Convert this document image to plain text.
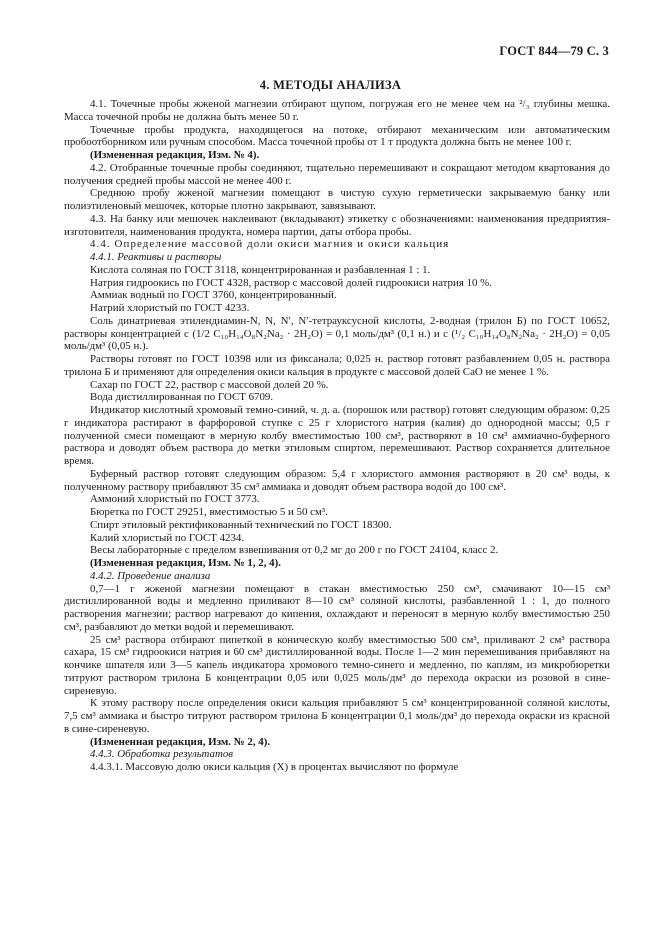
ГОСТ 844—79 С. 3
4. МЕТОДЫ АНАЛИЗА

4.1. Точечные пробы жженой магнезии отбирают щупом, погружая его не менее чем на ²/₃ глубины мешка. Масса точечной пробы не должна быть менее 50 г.

Точечные пробы продукта, находящегося на потоке, отбирают механическим или автоматическим пробоотборником или ручным способом. Масса точечной пробы от 1 т продукта должна быть не менее 100 г.

(Измененная редакция, Изм. № 4).

4.2. Отобранные точечные пробы соединяют, тщательно перемешивают и сокращают методом квартования до получения средней пробы массой не менее 400 г.

Среднюю пробу жженой магнезии помещают в чистую сухую герметически закрываемую банку или полиэтиленовый мешочек, которые плотно закрывают, завязывают.

4.3. На банку или мешочек наклеивают (вкладывают) этикетку с обозначениями: наименования предприятия-изготовителя, наименования продукта, номера партии, даты отбора пробы.

4.4. Определение массовой доли окиси магния и окиси кальция

4.4.1. Реактивы и растворы

Кислота соляная по ГОСТ 3118, концентрированная и разбавленная 1 : 1.

Натрия гидроокись по ГОСТ 4328, раствор с массовой долей гидроокиси натрия 10 %.

Аммиак водный по ГОСТ 3760, концентрированный.

Натрий хлористый по ГОСТ 4233.

Соль динатриевая этилендиамин-N, N, N′, N′-тетрауксусной кислоты, 2-водная (трилон Б) по ГОСТ 10652, растворы концентрацией c (1/2 C₁₀H₁₄O₈N₂Na₂ · 2H₂O) = 0,1 моль/дм³ (0,1 н.) и c (¹/₂ C₁₀H₁₄O₈N₂Na₂ · 2H₂O) = 0,05 моль/дм³ (0,05 н.).

Растворы готовят по ГОСТ 10398 или из фиксанала; 0,025 н. раствор готовят разбавлением 0,05 н. раствора трилона Б и применяют для определения окиси кальция в продукте с массовой долей CaO не менее 1 %.

Сахар по ГОСТ 22, раствор с массовой долей 20 %.

Вода дистиллированная по ГОСТ 6709.

Индикатор кислотный хромовый темно-синий, ч. д. а. (порошок или раствор) готовят следующим образом: 0,25 г индикатора растирают в фарфоровой ступке с 25 г хлористого натрия (калия) до однородной массы; 0,5 г полученной смеси помещают в мерную колбу вместимостью 100 см³, растворяют в 10 см³ аммиачно-буферного раствора и доводят объем раствора до метки этиловым спиртом, перемешивают. Раствор сохраняется длительное время.

Буферный раствор готовят следующим образом: 5,4 г хлористого аммония растворяют в 20 см³ воды, к полученному раствору прибавляют 35 см³ аммиака и доводят объем раствора водой до 100 см³.

Аммоний хлористый по ГОСТ 3773.

Бюретка по ГОСТ 29251, вместимостью 5 и 50 см³.

Спирт этиловый ректификованный технический по ГОСТ 18300.

Калий хлористый по ГОСТ 4234.

Весы лабораторные с пределом взвешивания от 0,2 мг до 200 г по ГОСТ 24104, класс 2.

(Измененная редакция, Изм. № 1, 2, 4).

4.4.2. Проведение анализа

0,7—1 г жженой магнезии помещают в стакан вместимостью 250 см³, смачивают 10—15 см³ дистиллированной воды и медленно приливают 8—10 см³ соляной кислоты, разбавленной 1 : 1, до полного растворения магнезии; раствор нагревают до кипения, охлаждают и переносят в мерную колбу вместимостью 250 см³, разбавляют до метки водой и перемешивают.

25 см³ раствора отбирают пипеткой в коническую колбу вместимостью 500 см³, приливают 2 см³ раствора сахара, 15 см³ гидроокиси натрия и 60 см³ дистиллированной воды. После 1—2 мин перемешивания прибавляют на кончике шпателя или 3—5 капель индикатора хромового темно-синего и медленно, по каплям, из микробюретки титруют раствором трилона Б концентрации 0,05 или 0,025 моль/дм³ до перехода окраски из розовой в сине-сиреневую.

К этому раствору после определения окиси кальция прибавляют 5 см³ концентрированной соляной кислоты, 7,5 см³ аммиака и быстро титруют раствором трилона Б концентрации 0,1 моль/дм³ до перехода окраски из красной в сине-сиреневую.

(Измененная редакция, Изм. № 2, 4).

4.4.3. Обработка результатов

4.4.3.1. Массовую долю окиси кальция (X) в процентах вычисляют по формуле
